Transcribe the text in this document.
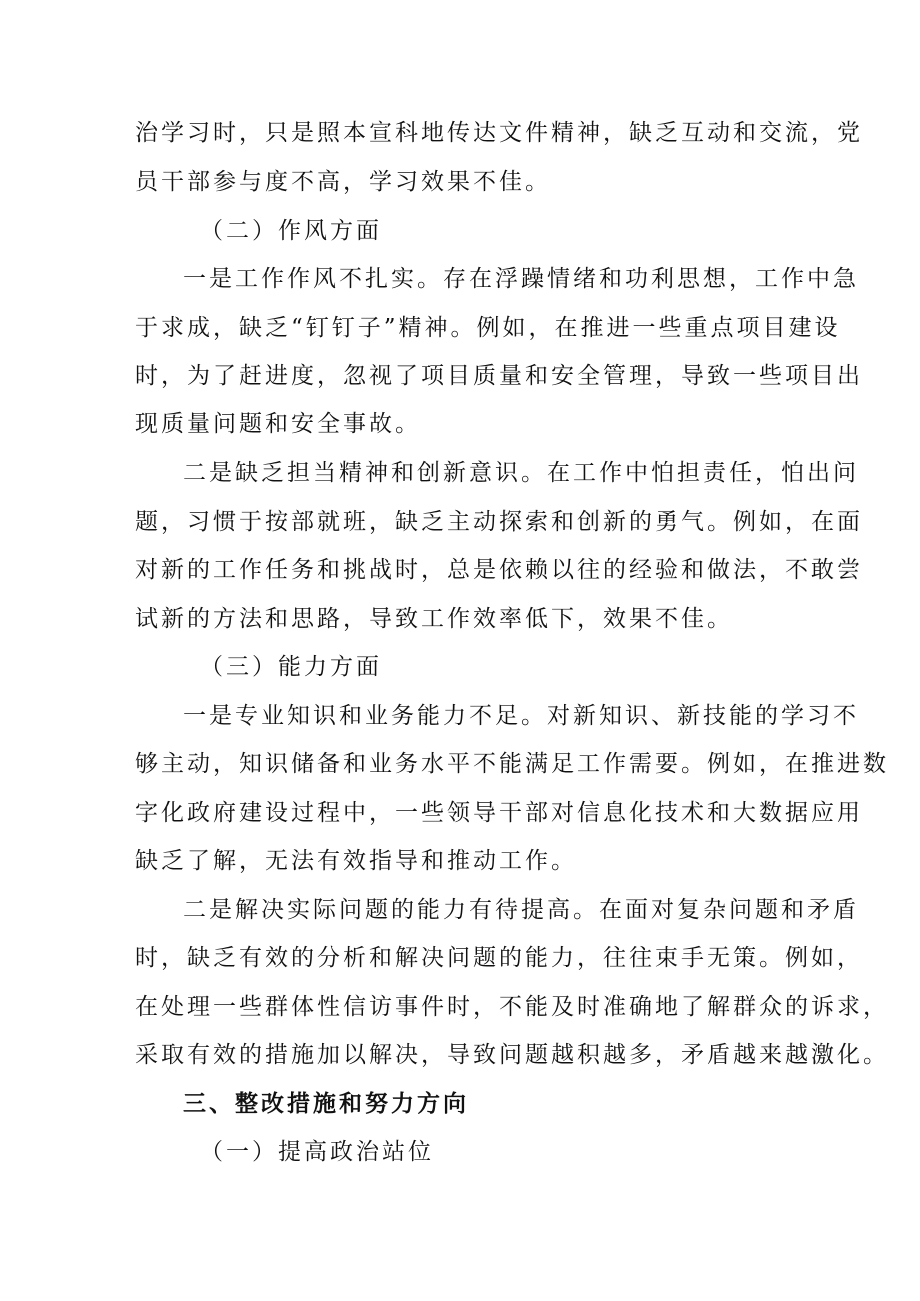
治学习时，只是照本宣科地传达文件精神，缺乏互动和交流，党
员干部参与度不高，学习效果不佳。
（二）作风方面
一是工作作风不扎实。存在浮躁情绪和功利思想，工作中急
于求成，缺乏“钉钉子”精神。例如，在推进一些重点项目建设
时，为了赶进度，忽视了项目质量和安全管理，导致一些项目出
现质量问题和安全事故。
二是缺乏担当精神和创新意识。在工作中怕担责任，怕出问
题，习惯于按部就班，缺乏主动探索和创新的勇气。例如，在面
对新的工作任务和挑战时，总是依赖以往的经验和做法，不敢尝
试新的方法和思路，导致工作效率低下，效果不佳。
（三）能力方面
一是专业知识和业务能力不足。对新知识、新技能的学习不
够主动，知识储备和业务水平不能满足工作需要。例如，在推进数
字化政府建设过程中，一些领导干部对信息化技术和大数据应用
缺乏了解，无法有效指导和推动工作。
二是解决实际问题的能力有待提高。在面对复杂问题和矛盾
时，缺乏有效的分析和解决问题的能力，往往束手无策。例如，
在处理一些群体性信访事件时，不能及时准确地了解群众的诉求，
采取有效的措施加以解决，导致问题越积越多，矛盾越来越激化。
三、整改措施和努力方向
（一）提高政治站位
